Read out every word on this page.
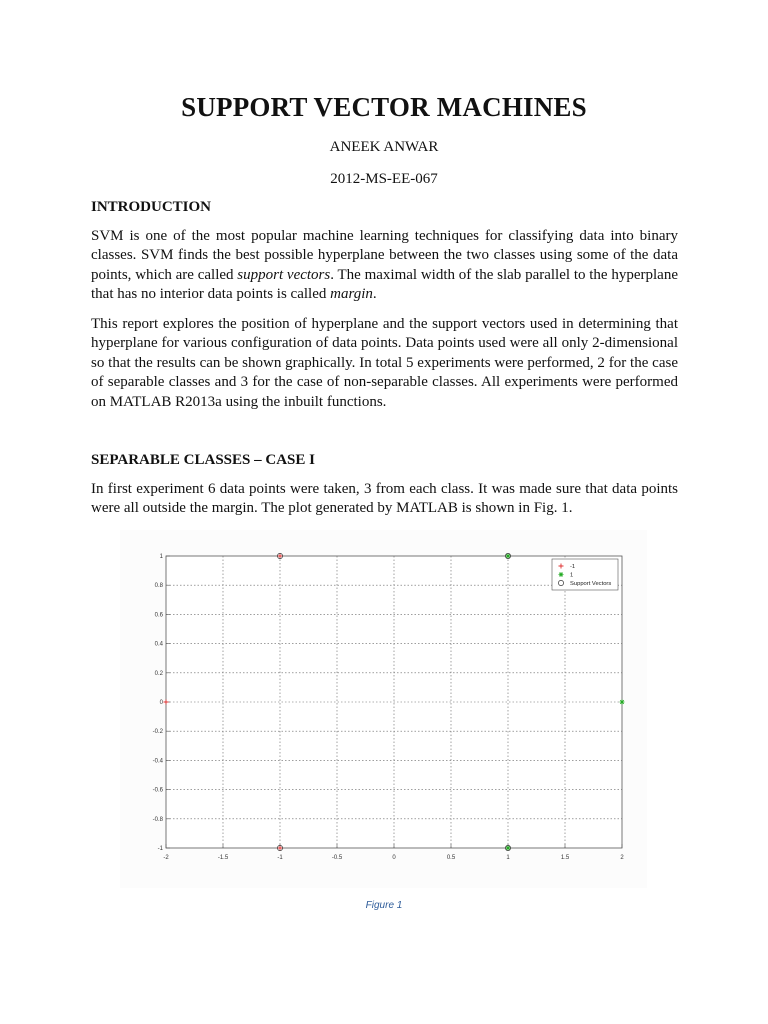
SUPPORT VECTOR MACHINES
ANEEK ANWAR
2012-MS-EE-067
INTRODUCTION

SVM is one of the most popular machine learning techniques for classifying data into binary classes. SVM finds the best possible hyperplane between the two classes using some of the data points, which are called support vectors. The maximal width of the slab parallel to the hyperplane that has no interior data points is called margin.

This report explores the position of hyperplane and the support vectors used in determining that hyperplane for various configuration of data points. Data points used were all only 2-dimensional so that the results can be shown graphically. In total 5 experiments were performed, 2 for the case of separable classes and 3 for the case of non-separable classes. All experiments were performed on MATLAB R2013a using the inbuilt functions.

SEPARABLE CLASSES – CASE I

In first experiment 6 data points were taken, 3 from each class. It was made sure that data points were all outside the margin. The plot generated by MATLAB is shown in Fig. 1.

-2	-1.5	-1	-0.5	0	0.5	1	1.5	2
-1
-0.8
-0.6
-0.4
-0.2
0
0.2
0.4
0.6
0.8
1
-1
1
Support Vectors
Figure 1
